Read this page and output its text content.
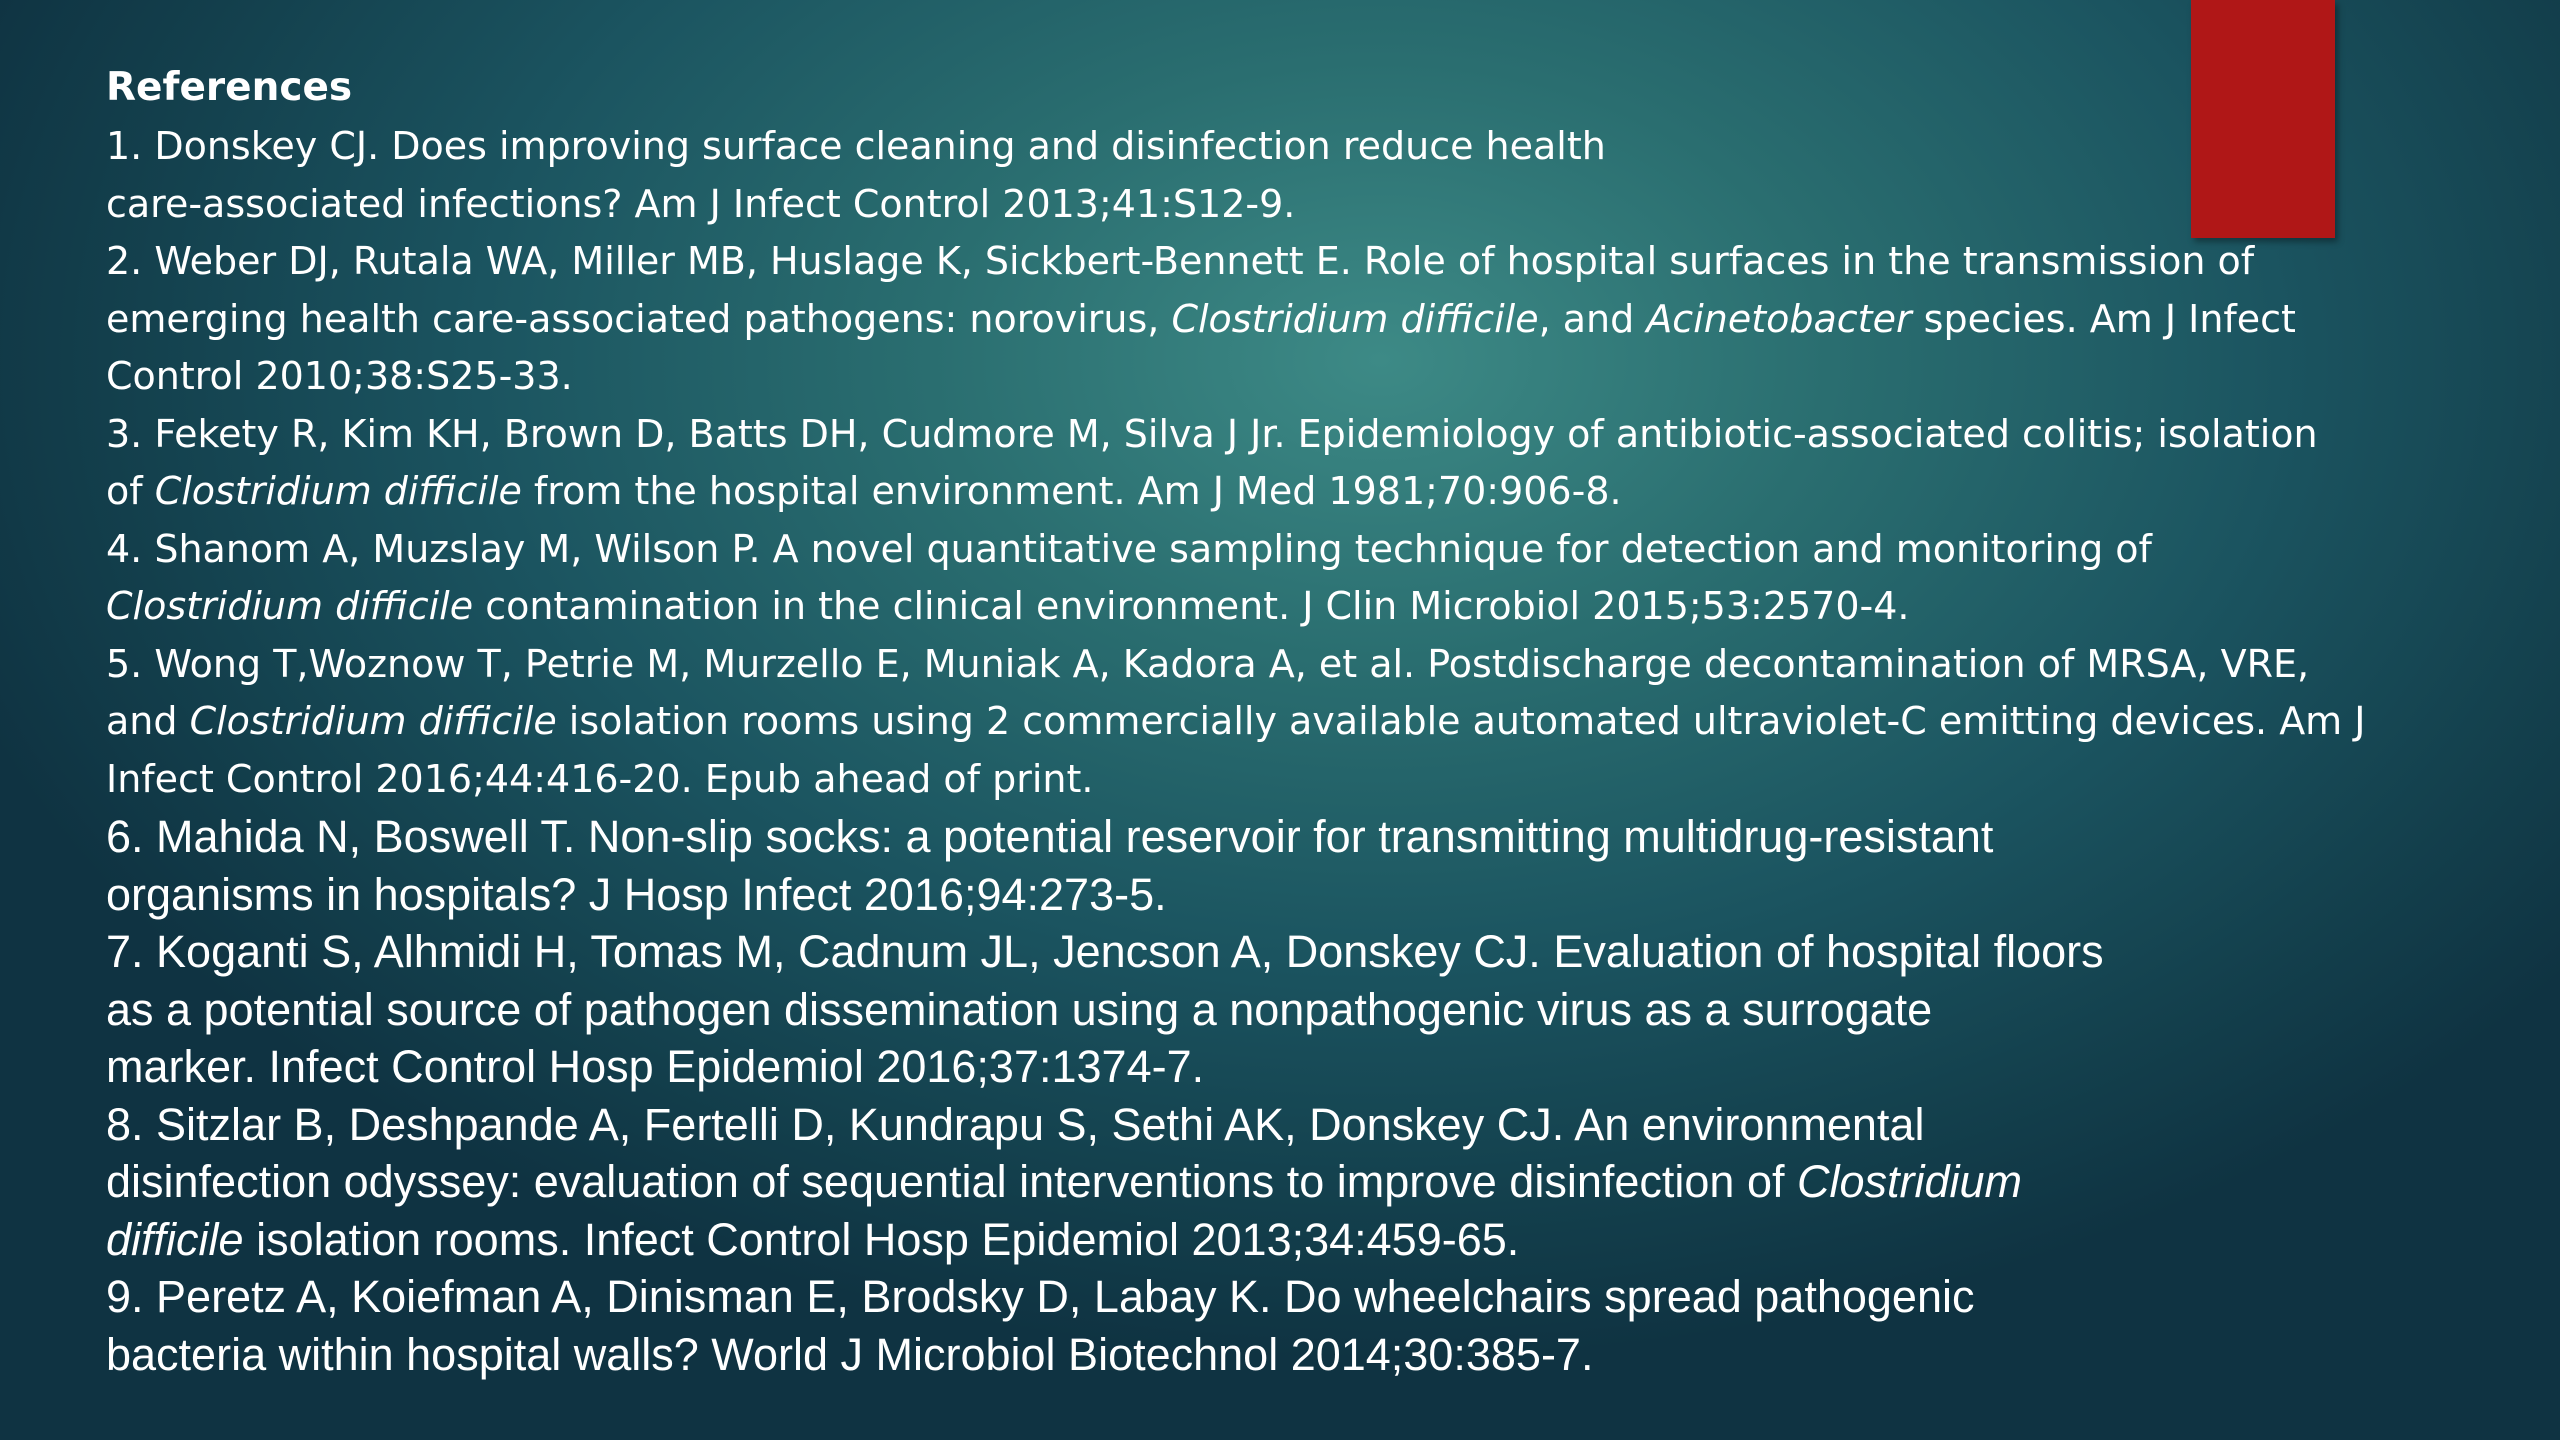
References
1. Donskey CJ. Does improving surface cleaning and disinfection reduce health
care-associated infections? Am J Infect Control 2013;41:S12-9.
2. Weber DJ, Rutala WA, Miller MB, Huslage K, Sickbert-Bennett E. Role of hospital surfaces in the transmission of
emerging health care-associated pathogens: norovirus, Clostridium difficile, and Acinetobacter species. Am J Infect
Control 2010;38:S25-33.
3. Fekety R, Kim KH, Brown D, Batts DH, Cudmore M, Silva J Jr. Epidemiology of antibiotic-associated colitis; isolation
of Clostridium difficile from the hospital environment. Am J Med 1981;70:906-8.
4. Shanom A, Muzslay M, Wilson P. A novel quantitative sampling technique for detection and monitoring of
Clostridium difficile contamination in the clinical environment. J Clin Microbiol 2015;53:2570-4.
5. Wong T,Woznow T, Petrie M, Murzello E, Muniak A, Kadora A, et al. Postdischarge decontamination of MRSA, VRE,
and Clostridium difficile isolation rooms using 2 commercially available automated ultraviolet-C emitting devices. Am J
Infect Control 2016;44:416-20. Epub ahead of print.
6. Mahida N, Boswell T. Non-slip socks: a potential reservoir for transmitting multidrug-resistant
organisms in hospitals? J Hosp Infect 2016;94:273-5.
7. Koganti S, Alhmidi H, Tomas M, Cadnum JL, Jencson A, Donskey CJ. Evaluation of hospital floors
as a potential source of pathogen dissemination using a nonpathogenic virus as a surrogate
marker. Infect Control Hosp Epidemiol 2016;37:1374-7.
8. Sitzlar B, Deshpande A, Fertelli D, Kundrapu S, Sethi AK, Donskey CJ. An environmental
disinfection odyssey: evaluation of sequential interventions to improve disinfection of Clostridium
difficile isolation rooms. Infect Control Hosp Epidemiol 2013;34:459-65.
9. Peretz A, Koiefman A, Dinisman E, Brodsky D, Labay K. Do wheelchairs spread pathogenic
bacteria within hospital walls? World J Microbiol Biotechnol 2014;30:385-7.
